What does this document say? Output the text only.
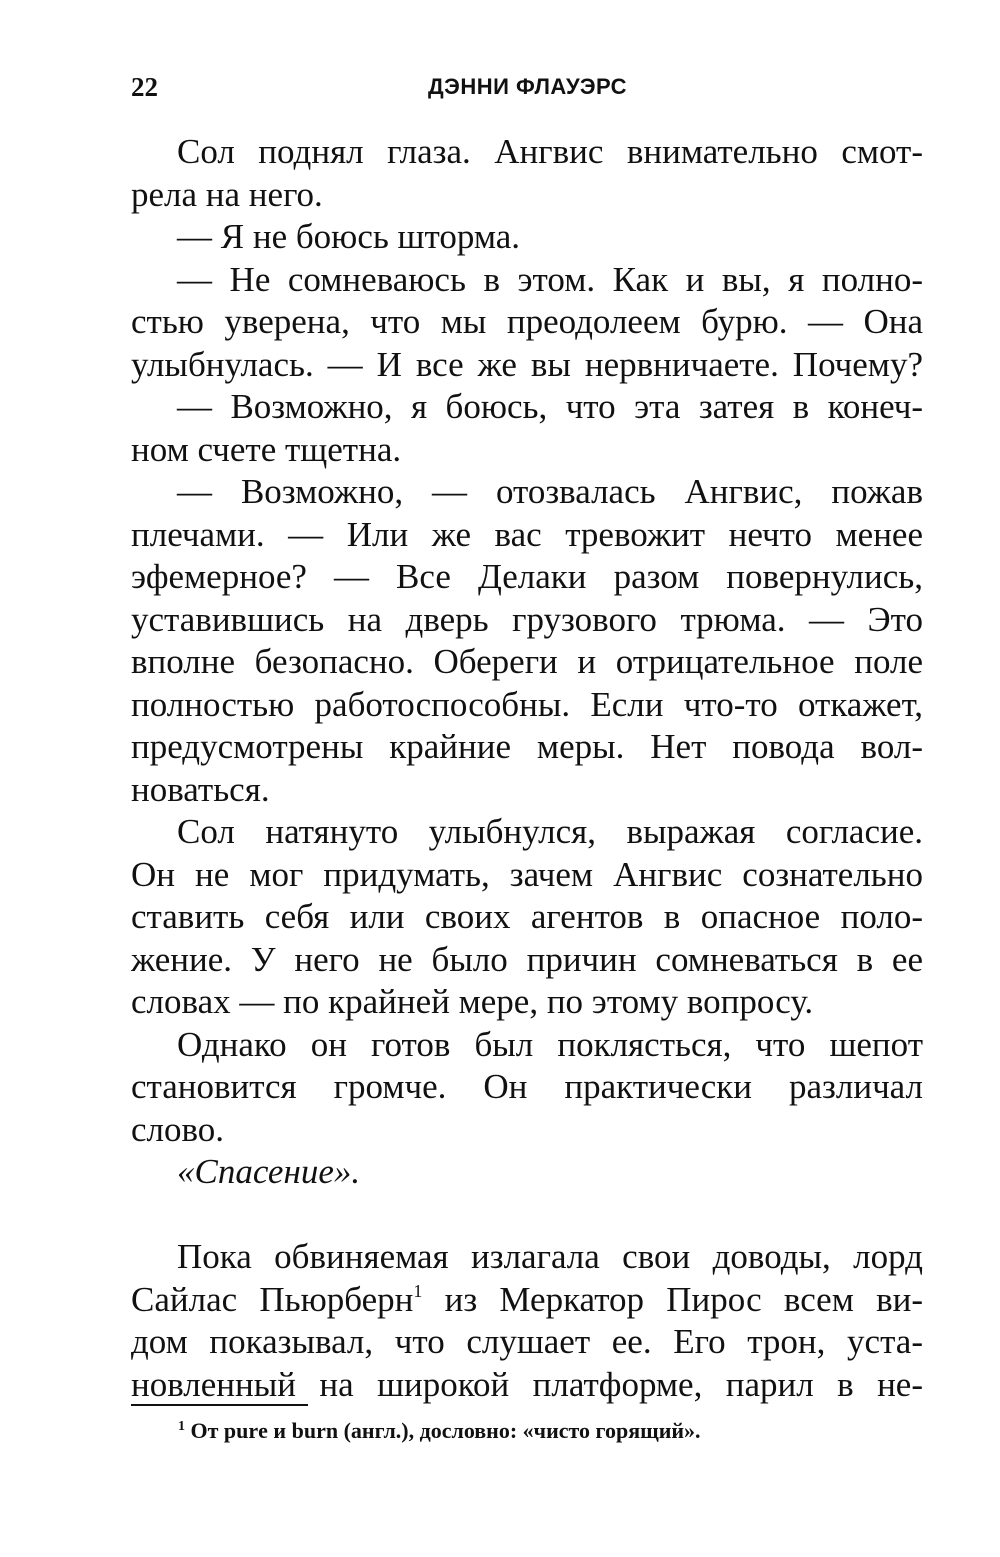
22	ДЭННИ ФЛАУЭРС
Сол поднял глаза. Ангвис внимательно смот-
рела на него.
— Я не боюсь шторма.
— Не сомневаюсь в этом. Как и вы, я полно-
стью уверена, что мы преодолеем бурю. — Она
улыбнулась. — И все же вы нервничаете. Почему?
— Возможно, я боюсь, что эта затея в конеч-
ном счете тщетна.
— Возможно, — отозвалась Ангвис, пожав
плечами. — Или же вас тревожит нечто менее
эфемерное? — Все Делаки разом повернулись,
уставившись на дверь грузового трюма. — Это
вполне безопасно. Обереги и отрицательное поле
полностью работоспособны. Если что-то откажет,
предусмотрены крайние меры. Нет повода вол-
новаться.
Сол натянуто улыбнулся, выражая согласие.
Он не мог придумать, зачем Ангвис сознательно
ставить себя или своих агентов в опасное поло-
жение. У него не было причин сомневаться в ее
словах — по крайней мере, по этому вопросу.
Однако он готов был поклясться, что шепот
становится громче. Он практически различал
слово.
«Спасение».
Пока обвиняемая излагала свои доводы, лорд
Сайлас Пьюрберн$^1$ из Меркатор Пирос всем ви-
дом показывал, что слушает ее. Его трон, уста-
новленный на широкой платформе, парил в не-
$^1$ От purе и burn (англ.), дословно: «чисто горящий».
